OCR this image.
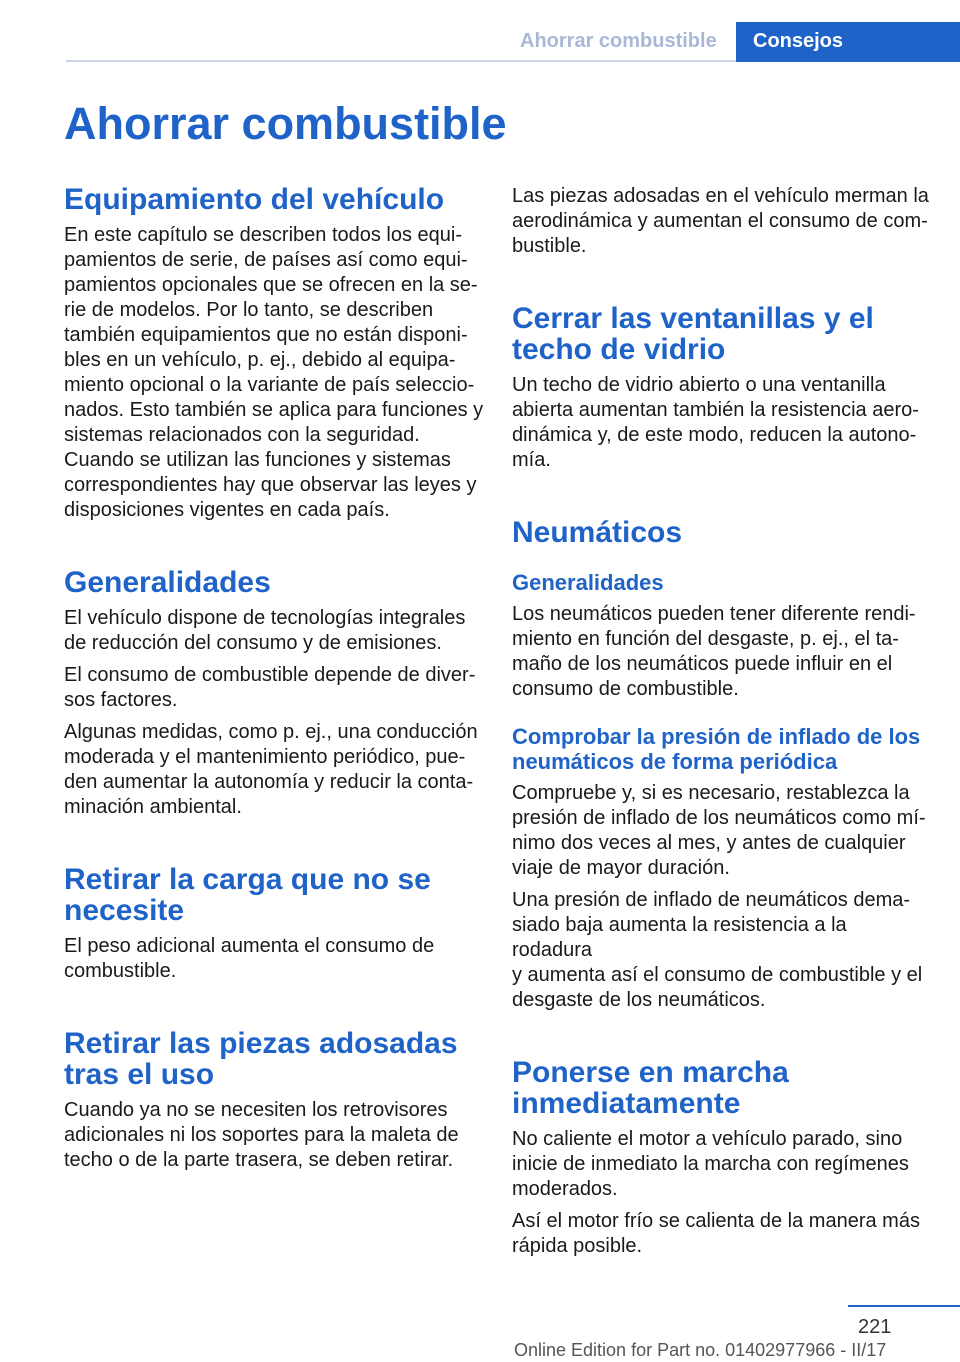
Ahorrar combustible Consejos
Ahorrar combustible
Equipamiento del vehículo

En este capítulo se describen todos los equi‐
pamientos de serie, de países así como equi‐
pamientos opcionales que se ofrecen en la se‐
rie de modelos. Por lo tanto, se describen
también equipamientos que no están disponi‐
bles en un vehículo, p. ej., debido al equipa‐
miento opcional o la variante de país seleccio‐
nados. Esto también se aplica para funciones y
sistemas relacionados con la seguridad.
Cuando se utilizan las funciones y sistemas
correspondientes hay que observar las leyes y
disposiciones vigentes en cada país.

Generalidades

El vehículo dispone de tecnologías integrales
de reducción del consumo y de emisiones.

El consumo de combustible depende de diver‐
sos factores.

Algunas medidas, como p. ej., una conducción
moderada y el mantenimiento periódico, pue‐
den aumentar la autonomía y reducir la conta‐
minación ambiental.

Retirar la carga que no se
necesite

El peso adicional aumenta el consumo de
combustible.

Retirar las piezas adosadas
tras el uso

Cuando ya no se necesiten los retrovisores
adicionales ni los soportes para la maleta de
techo o de la parte trasera, se deben retirar.

Las piezas adosadas en el vehículo merman la
aerodinámica y aumentan el consumo de com‐
bustible.

Cerrar las ventanillas y el
techo de vidrio

Un techo de vidrio abierto o una ventanilla
abierta aumentan también la resistencia aero‐
dinámica y, de este modo, reducen la autono‐
mía.

Neumáticos
Generalidades

Los neumáticos pueden tener diferente rendi‐
miento en función del desgaste, p. ej., el ta‐
maño de los neumáticos puede influir en el
consumo de combustible.

Comprobar la presión de inflado de los
neumáticos de forma periódica

Compruebe y, si es necesario, restablezca la
presión de inflado de los neumáticos como mí‐
nimo dos veces al mes, y antes de cualquier
viaje de mayor duración.

Una presión de inflado de neumáticos dema‐
siado baja aumenta la resistencia a la rodadura
y aumenta así el consumo de combustible y el
desgaste de los neumáticos.

Ponerse en marcha
inmediatamente

No caliente el motor a vehículo parado, sino
inicie de inmediato la marcha con regímenes
moderados.

Así el motor frío se calienta de la manera más
rápida posible.

221
Online Edition for Part no. 01402977966 - II/17
